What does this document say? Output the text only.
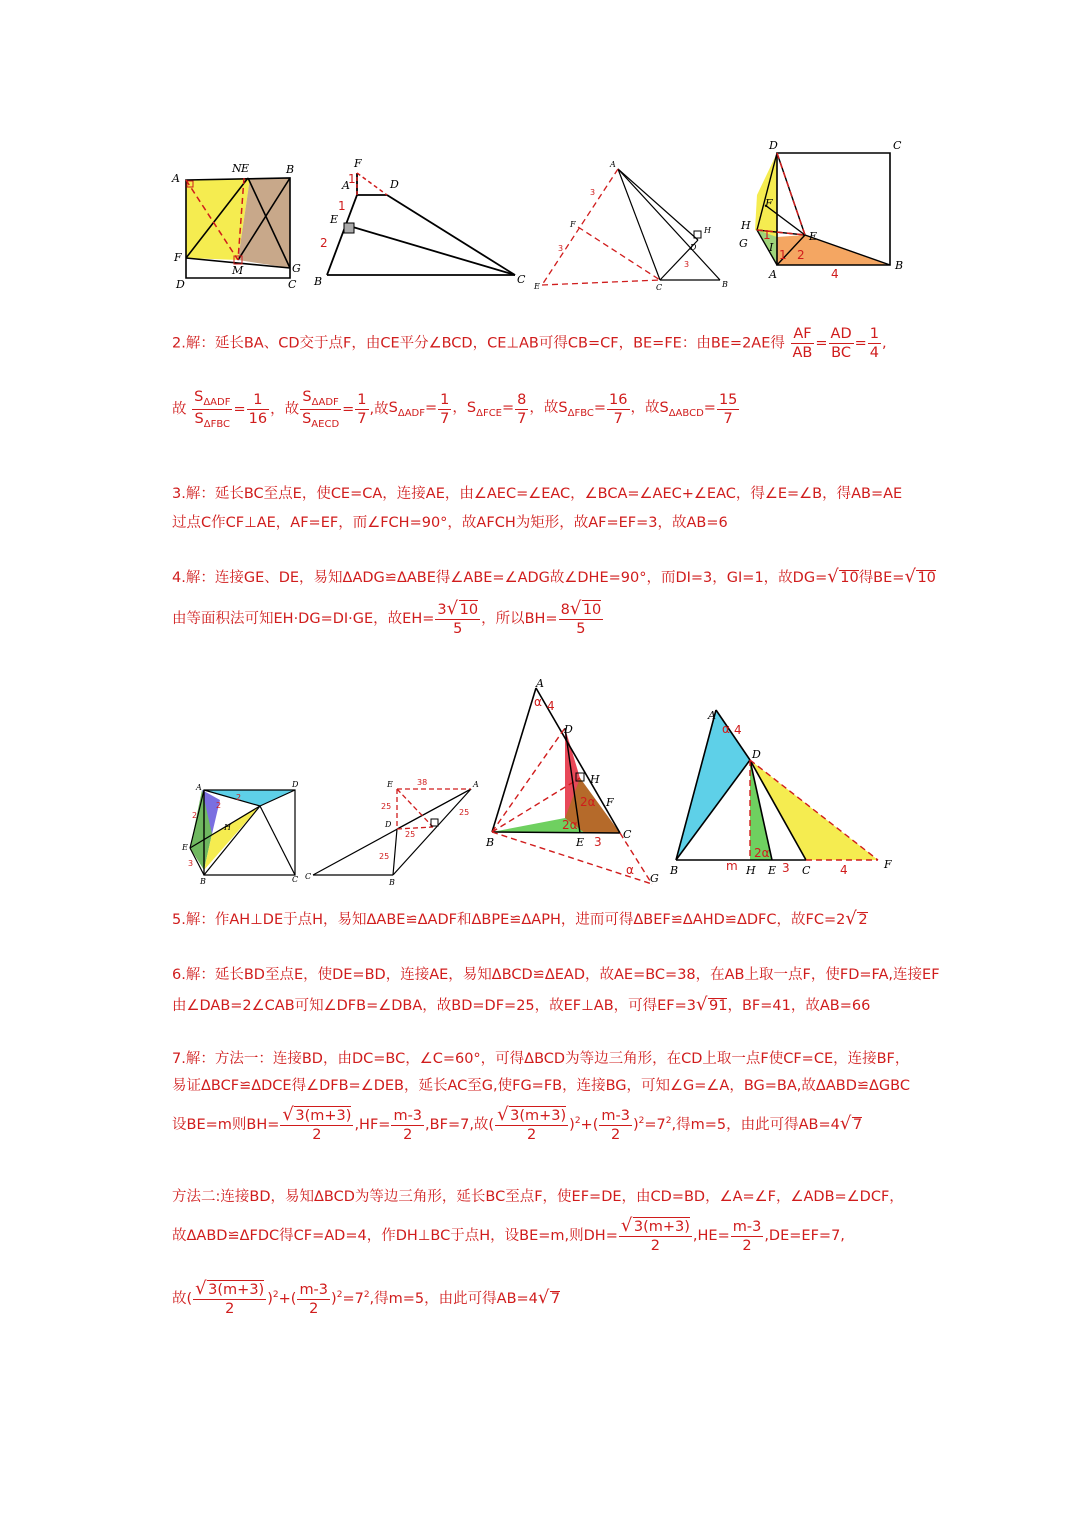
A
N E	B
F
M	G
D	C
F
A	D
E
B	C
1
1
2
A
F
E	C
D
B
H
3
3
3
D	C
F
H
G I
E
A
B
1
1 2
4
2.解：延长BA、CD交于点F，由CE平分∠BCD，CE⊥AB可得CB=CF，BE=FE：由BE=2AE得 $\frac{AF}{AB} = \frac{AD}{BC} = \frac{1}{4}$ ,
故 $\frac{S_{\Delta ADF}}{S_{\Delta FBC}} = \frac{1}{16}$ ，故 $\frac{S_{\Delta ADF}}{S_{AECD}} = \frac{1}{7}$ ,故$S_{\Delta ADF}= \frac{1}{7}$ ，$S_{\Delta FCE}= \frac{8}{7}$ ，故$S_{\Delta FBC}= \frac{16}{7}$ ，故$S_{\Delta ABCD}= \frac{15}{7}$
3.解：延长BC至点E，使CE=CA，连接AE，由∠AEC=∠EAC，∠BCA=∠AEC+∠EAC，得∠E=∠B，得AB=AE
过点C作CF⊥AE，AF=EF，而∠FCH=90°，故AFCH为矩形，故AF=EF=3，故AB=6
4.解：连接GE、DE，易知ΔADG≌ΔABE得∠ABE=∠ADG故∠DHE=90°，而DI=3，GI=1，故DG= √ 10得BE= √ 10
由等面积法可知EH·DG=DI·GE，故$EH= \frac{3 √ 10}{5}$ ，所以$BH= \frac{8 √ 10}{5}$
A	D
E
B	C
H
2
2
2
3
E	A
D
C
B
38
25
25
25
25
A
D
H
F
B	E
C
G
4
α
2α
2α
3
α
A
D
B	H E C	F
4
α
2α
m	3	4
5.解：作AH⊥DE于点H，易知ΔABE≌ΔADF和ΔBPE≌ΔAPH，进而可得ΔBEF≌ΔAHD≌ΔDFC，故FC=2 √ 2
6.解：延长BD至点E，使DE=BD，连接AE，易知ΔBCD≌ΔEAD，故AE=BC=38，在AB上取一点F，使FD=FA,连接EF
由∠DAB=2∠CAB可知∠DFB=∠DBA，故BD=DF=25，故EF⊥AB，可得EF=3 √ 91，BF=41，故AB=66
7.解：方法一：连接BD，由DC=BC，∠C=60°，可得ΔBCD为等边三角形，在CD上取一点F使CF=CE，连接BF，
易证ΔBCF≌ΔDCE得∠DFB=∠DEB，延长AC至G,使FG=FB，连接BG，可知∠G=∠A，BG=BA,故ΔABD≌ΔGBC
设BE=m则BH= √ $\frac{3(m+3)}{2} ,HF= \frac{m-3}{2} ,BF=7$,故( √ $\frac{3(m+3)}{2} )^2+( \frac{m-3}{2} )^2=7^2$,得m=5，由此可得AB=4 √ 7
方法二:连接BD，易知ΔBCD为等边三角形，延长BC至点F，使EF=DE，由CD=BD，∠A=∠F，∠ADB=∠DCF，
故ΔABD≌ΔFDC得CF=AD=4，作DH⊥BC于点H，设BE=m,则DH= √ $\frac{3(m+3)}{2} ,HE= \frac{m-3}{2} ,DE=EF=7$,
故( √ $\frac{3(m+3)}{2} )^2+( \frac{m-3}{2} )^2=7^2$,得m=5，由此可得AB=4 √ 7
